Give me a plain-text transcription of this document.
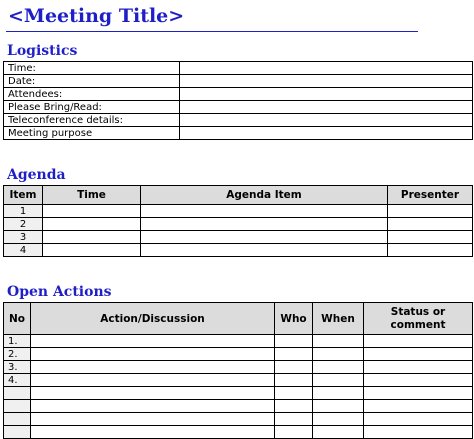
<Meeting Title>
Logistics
Time:	
Date:	
Attendees:	
Please Bring/Read:	
Teleconference details:	
Meeting purpose	
Agenda
Item	Time	Agenda Item	Presenter
1			
2			
3			
4			
Open Actions
No	Action/Discussion	Who	When	Status or comment
1.				
2.				
3.				
4.				
